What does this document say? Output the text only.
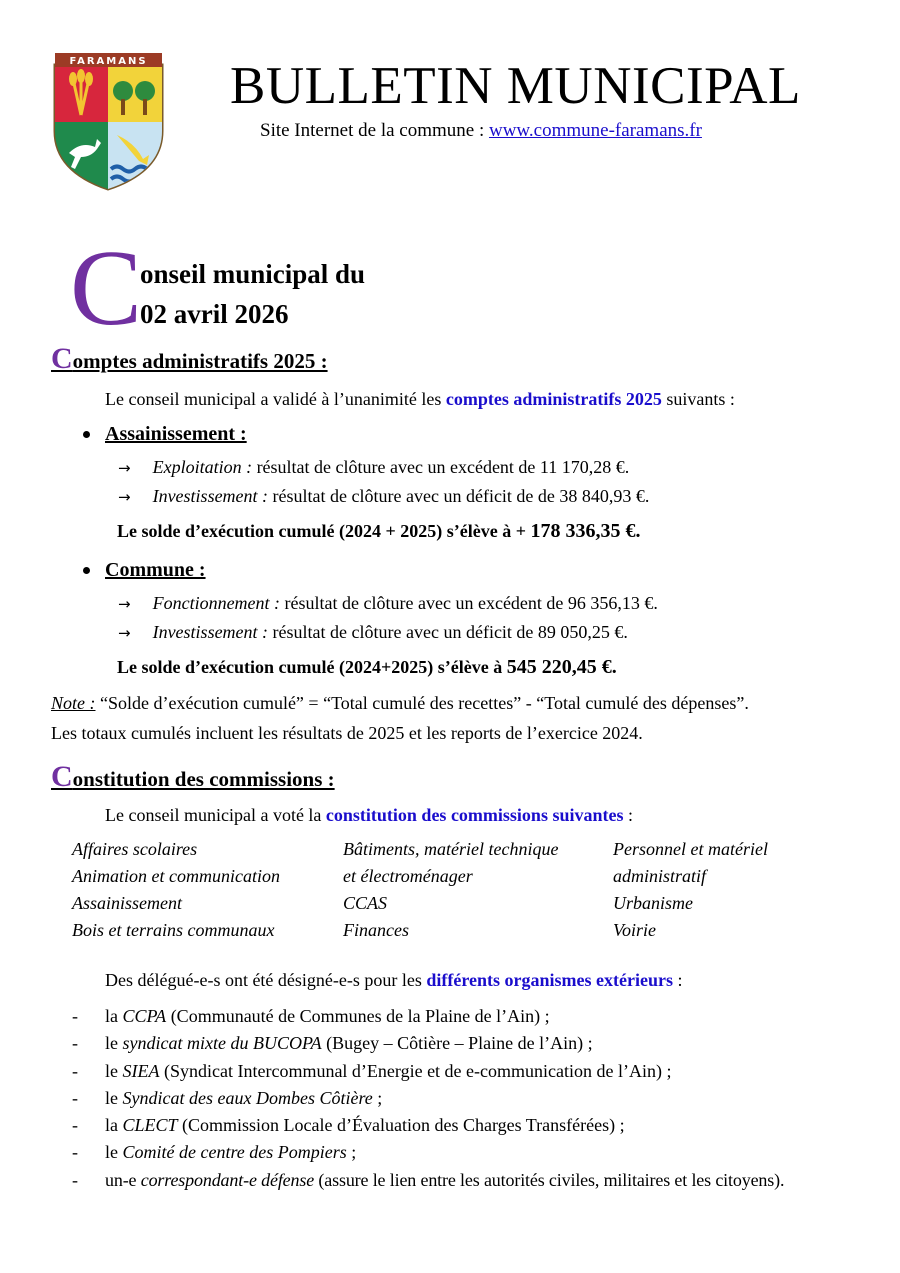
FARAMANS BULLETIN MUNICIPAL
Site Internet de la commune : www.commune-faramans.fr
C
onseil municipal du
02 avril 2026
Comptes administratifs 2025 :
Le conseil municipal a validé à l’unanimité les comptes administratifs 2025 suivants :
Assainissement :
→ Exploitation : résultat de clôture avec un excédent de 11 170,28 €.
→ Investissement : résultat de clôture avec un déficit de de 38 840,93 €.
Le solde d’exécution cumulé (2024 + 2025) s’élève à + 178 336,35 €.
Commune :
→ Fonctionnement : résultat de clôture avec un excédent de 96 356,13 €.
→ Investissement : résultat de clôture avec un déficit de 89 050,25 €.
Le solde d’exécution cumulé (2024+2025) s’élève à 545 220,45 €.
Note : “Solde d’exécution cumulé” = “Total cumulé des recettes” - “Total cumulé des dépenses”.
Les totaux cumulés incluent les résultats de 2025 et les reports de l’exercice 2024.
Constitution des commissions :
Le conseil municipal a voté la constitution des commissions suivantes :
Affaires scolaires
Animation et communication
Assainissement
Bois et terrains communaux
Bâtiments, matériel technique
et électroménager
CCAS
Finances
Personnel et matériel
administratif
Urbanisme
Voirie
Des délégué-e-s ont été désigné-e-s pour les différents organismes extérieurs :
- la CCPA (Communauté de Communes de la Plaine de l’Ain) ;
- le syndicat mixte du BUCOPA (Bugey – Côtière – Plaine de l’Ain) ;
- le SIEA (Syndicat Intercommunal d’Energie et de e-communication de l’Ain) ;
- le Syndicat des eaux Dombes Côtière ;
- la CLECT (Commission Locale d’Évaluation des Charges Transférées) ;
- le Comité de centre des Pompiers ;
- un-e correspondant-e défense (assure le lien entre les autorités civiles, militaires et les citoyens).
